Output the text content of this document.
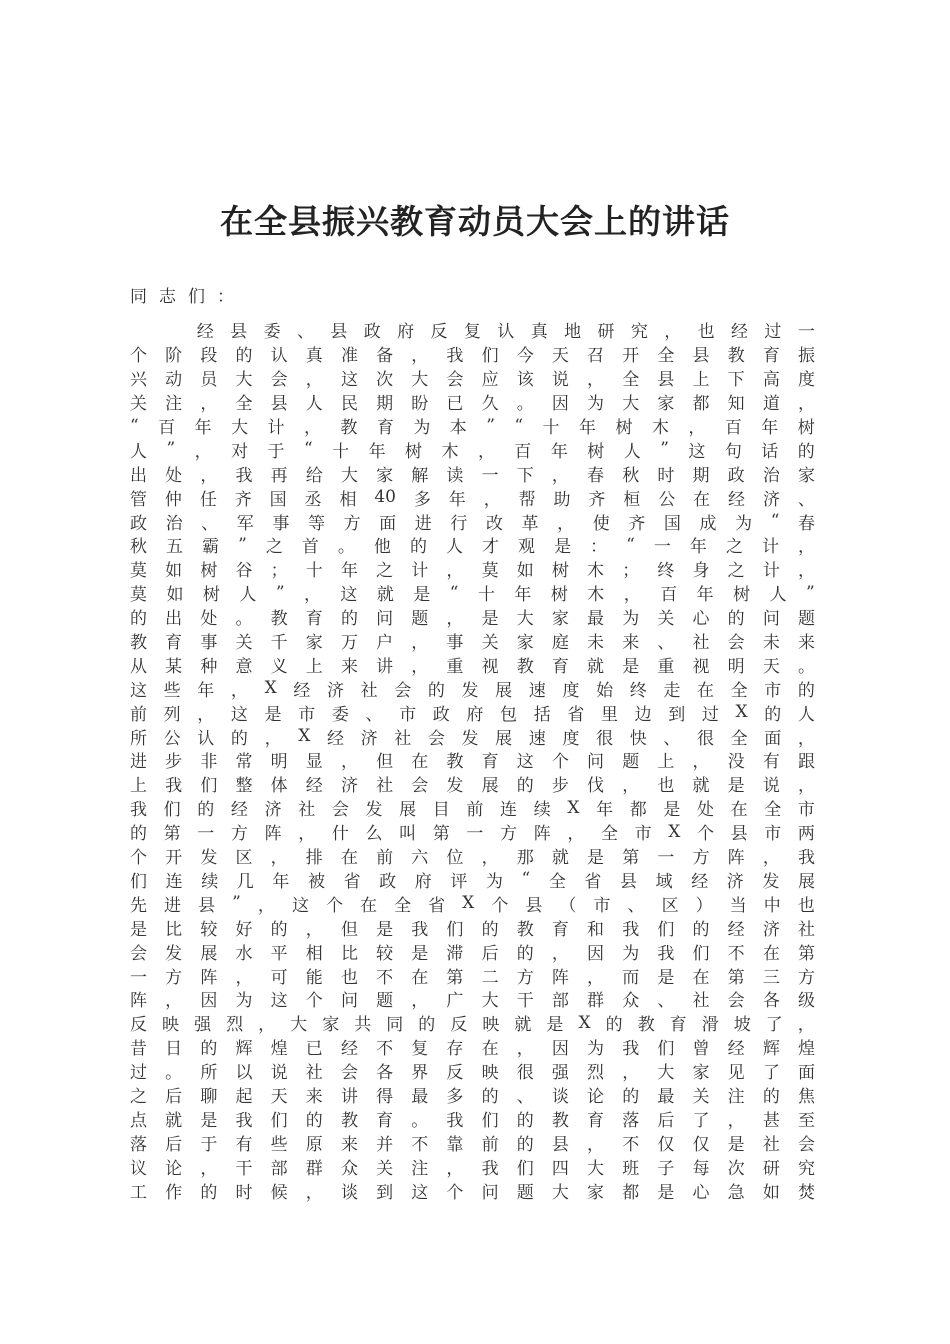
在全县振兴教育动员大会上的讲话
同志们：

经 县 委 、 县 政 府 反 复 认 真 地 研 究 ， 也 经 过 一
个 阶 段 的 认 真 准 备 ， 我 们 今 天 召 开 全 县 教 育 振
兴 动 员 大 会 ， 这 次 大 会 应 该 说 ， 全 县 上 下 高 度
关 注 ， 全 县 人 民 期 盼 已 久 。 因 为 大 家 都 知 道 ，
“ 百 年 大 计 ， 教 育 为 本 ” “ 十 年 树 木 ， 百 年 树
人 ” ， 对 于 “ 十 年 树 木 ， 百 年 树 人 ” 这 句 话 的
出 处 ， 我 再 给 大 家 解 读 一 下 ， 春 秋 时 期 政 治 家
管 仲 任 齐 国 丞 相 40 多 年 ， 帮 助 齐 桓 公 在 经 济 、
政 治 、 军 事 等 方 面 进 行 改 革 ， 使 齐 国 成 为 “ 春
秋 五 霸 ” 之 首 。 他 的 人 才 观 是 ： “ 一 年 之 计 ，
莫 如 树 谷 ； 十 年 之 计 ， 莫 如 树 木 ； 终 身 之 计 ，
莫 如 树 人 ” ， 这 就 是 “ 十 年 树 木 ， 百 年 树 人 ”
的 出 处 。 教 育 的 问 题 ， 是 大 家 最 为 关 心 的 问 题
教 育 事 关 千 家 万 户 ， 事 关 家 庭 未 来 、 社 会 未 来
从 某 种 意 义 上 来 讲 ， 重 视 教 育 就 是 重 视 明 天 。
这 些 年 ， X 经 济 社 会 的 发 展 速 度 始 终 走 在 全 市 的
前 列 ， 这 是 市 委 、 市 政 府 包 括 省 里 边 到 过 X 的 人
所 公 认 的 ， X 经 济 社 会 发 展 速 度 很 快 、 很 全 面 ，
进 步 非 常 明 显 ， 但 在 教 育 这 个 问 题 上 ， 没 有 跟
上 我 们 整 体 经 济 社 会 发 展 的 步 伐 ， 也 就 是 说 ，
我 们 的 经 济 社 会 发 展 目 前 连 续 X 年 都 是 处 在 全 市
的 第 一 方 阵 ， 什 么 叫 第 一 方 阵 ， 全 市 X 个 县 市 两
个 开 发 区 ， 排 在 前 六 位 ， 那 就 是 第 一 方 阵 ， 我
们 连 续 几 年 被 省 政 府 评 为 “ 全 省 县 域 经 济 发 展
先 进 县 ” ， 这 个 在 全 省 X 个 县 （ 市 、 区 ） 当 中 也
是 比 较 好 的 ， 但 是 我 们 的 教 育 和 我 们 的 经 济 社
会 发 展 水 平 相 比 较 是 滞 后 的 ， 因 为 我 们 不 在 第
一 方 阵 ， 可 能 也 不 在 第 二 方 阵 ， 而 是 在 第 三 方
阵 ， 因 为 这 个 问 题 ， 广 大 干 部 群 众 、 社 会 各 级
反 映 强 烈 ， 大 家 共 同 的 反 映 就 是 X 的 教 育 滑 坡 了 ，
昔 日 的 辉 煌 已 经 不 复 存 在 ， 因 为 我 们 曾 经 辉 煌
过 。 所 以 说 社 会 各 界 反 映 很 强 烈 ， 大 家 见 了 面
之 后 聊 起 天 来 讲 得 最 多 的 、 谈 论 的 最 关 注 的 焦
点 就 是 我 们 的 教 育 。 我 们 的 教 育 落 后 了 ， 甚 至
落 后 于 有 些 原 来 并 不 靠 前 的 县 ， 不 仅 仅 是 社 会
议 论 ， 干 部 群 众 关 注 ， 我 们 四 大 班 子 每 次 研 究
工 作 的 时 候 ， 谈 到 这 个 问 题 大 家 都 是 心 急 如 焚
